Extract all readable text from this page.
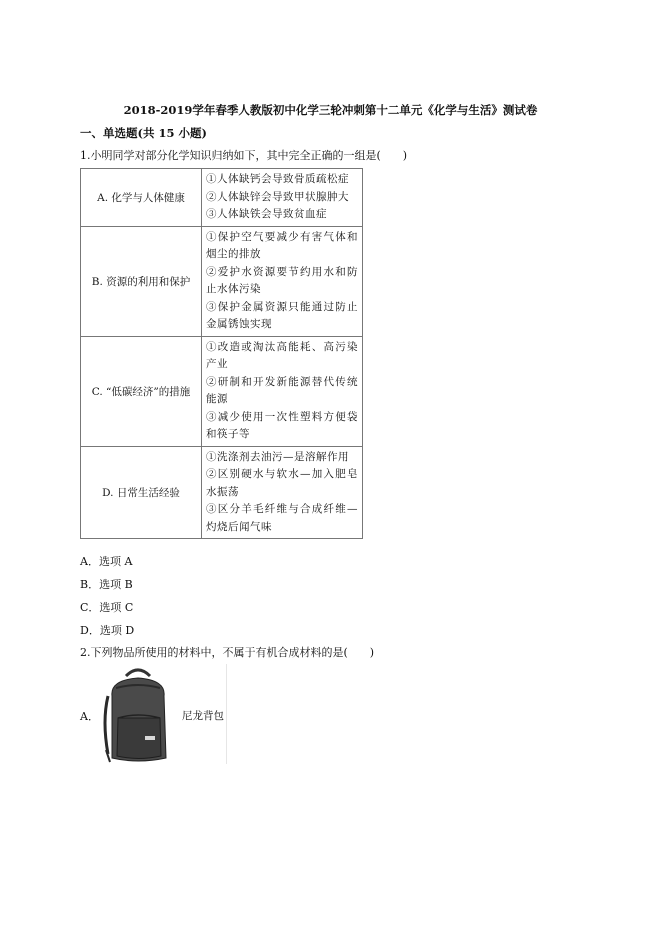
2018-2019学年春季人教版初中化学三轮冲刺第十二单元《化学与生活》测试卷
一、单选题(共 15 小题)
1.小明同学对部分化学知识归纳如下，其中完全正确的一组是(　　)
A. 化学与人体健康	①人体缺钙会导致骨质疏松症
②人体缺锌会导致甲状腺肿大
③人体缺铁会导致贫血症

B. 资源的利用和保护	①保护空气要减少有害气体和烟尘的排放
②爱护水资源要节约用水和防止水体污染
③保护金属资源只能通过防止金属锈蚀实现

C. “低碳经济”的措施	①改造或淘汰高能耗、高污染产业
②研制和开发新能源替代传统能源
③减少使用一次性塑料方便袋和筷子等

D. 日常生活经验	①洗涤剂去油污—是溶解作用
②区别硬水与软水—加入肥皂水振荡
③区分羊毛纤维与合成纤维—灼烧后闻气味
A．选项 A
B．选项 B
C．选项 C
D．选项 D
2.下列物品所使用的材料中，不属于有机合成材料的是(　　)
A．	尼龙背包
